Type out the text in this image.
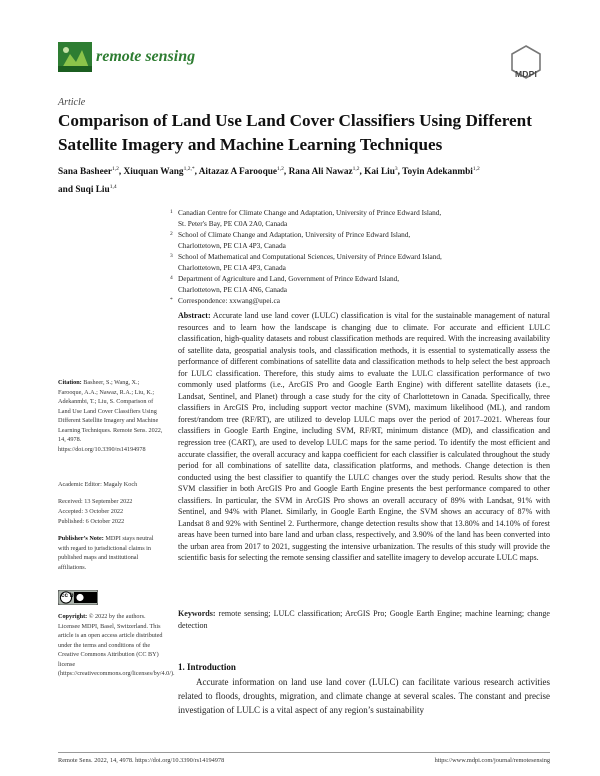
remote sensing
MDPI
Article
Comparison of Land Use Land Cover Classifiers Using Different Satellite Imagery and Machine Learning Techniques
Sana Basheer$^{1,2}$, Xiuquan Wang$^{1,2,*}$, Aitazaz A Farooque$^{1,2}$, Rana Ali Nawaz$^{1,2}$, Kai Liu$^3$, Toyin Adekanmbi$^{1,2}$
and Suqi Liu$^{1,4}$
1 Canadian Centre for Climate Change and Adaptation, University of Prince Edward Island,
St. Peter's Bay, PE C0A 2A0, Canada
2 School of Climate Change and Adaptation, University of Prince Edward Island,
Charlottetown, PE C1A 4P3, Canada
3 School of Mathematical and Computational Sciences, University of Prince Edward Island,
Charlottetown, PE C1A 4P3, Canada
4 Department of Agriculture and Land, Government of Prince Edward Island,
Charlottetown, PE C1A 4N6, Canada
* Correspondence: xxwang@upei.ca
Abstract: Accurate land use land cover (LULC) classification is vital for the sustainable management of natural resources and to learn how the landscape is changing due to climate. For accurate and efficient LULC classification, high-quality datasets and robust classification methods are required. With the increasing availability of satellite data, geospatial analysis tools, and classification methods, it is essential to systematically assess the performance of different combinations of satellite data and classification methods to help select the best approach for LULC classification. Therefore, this study aims to evaluate the LULC classification performance of two commonly used platforms (i.e., ArcGIS Pro and Google Earth Engine) with different satellite datasets (i.e., Landsat, Sentinel, and Planet) through a case study for the city of Charlottetown in Canada. Specifically, three classifiers in ArcGIS Pro, including support vector machine (SVM), maximum likelihood (ML), and random forest/random tree (RF/RT), are utilized to develop LULC maps over the period of 2017–2021. Whereas four classifiers in Google Earth Engine, including SVM, RF/RT, minimum distance (MD), and classification and regression tree (CART), are used to develop LULC maps for the same period. To identify the most efficient and accurate classifier, the overall accuracy and kappa coefficient for each classifier is calculated throughout the study period for all combinations of satellite data, classification platforms, and methods. Change detection is then conducted using the best classifier to quantify the LULC changes over the study period. Results show that the SVM classifier in both ArcGIS Pro and Google Earth Engine presents the best performance compared to other classifiers. In particular, the SVM in ArcGIS Pro shows an overall accuracy of 89% with Landsat, 91% with Sentinel, and 94% with Planet. Similarly, in Google Earth Engine, the SVM shows an accuracy of 87% with Landsat 8 and 92% with Sentinel 2. Furthermore, change detection results show that 13.80% and 14.10% of forest areas have been turned into bare land and urban class, respectively, and 3.90% of the land has been converted into the urban area from 2017 to 2021, suggesting the intensive urbanization. The results of this study will provide the scientific basis for selecting the remote sensing classifier and satellite imagery to develop accurate LULC maps.
Keywords: remote sensing; LULC classification; ArcGIS Pro; Google Earth Engine; machine learning; change detection
Citation: Basheer, S.; Wang, X.; Farooque, A.A.; Nawaz, R.A.; Liu, K.; Adekanmbi, T.; Liu, S. Comparison of Land Use Land Cover Classifiers Using Different Satellite Imagery and Machine Learning Techniques. Remote Sens. 2022, 14, 4978. https://doi.org/10.3390/rs14194978
Academic Editor: Magaly Koch
Received: 13 September 2022
Accepted: 3 October 2022
Published: 6 October 2022
Publisher’s Note: MDPI stays neutral with regard to jurisdictional claims in published maps and institutional affiliations.
cc by
Copyright: © 2022 by the authors. Licensee MDPI, Basel, Switzerland. This article is an open access article distributed under the terms and conditions of the Creative Commons Attribution (CC BY) license (https://creativecommons.org/licenses/by/4.0/).
1. Introduction
Accurate information on land use land cover (LULC) can facilitate various research activities related to floods, droughts, migration, and climate change at several scales. The constant and precise investigation of LULC is a vital aspect of any region’s sustainability
Remote Sens. 2022, 14, 4978. https://doi.org/10.3390/rs14194978	https://www.mdpi.com/journal/remotesensing
